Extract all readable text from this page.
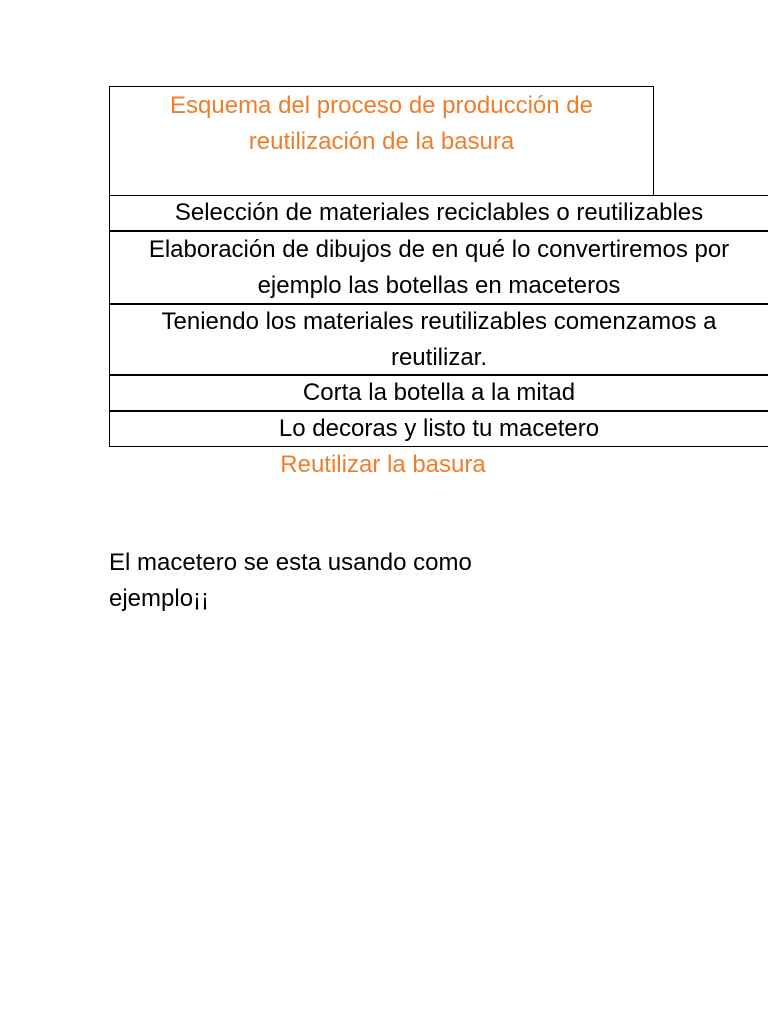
Esquema del proceso de producción de reutilización de la basura
Selección de materiales reciclables o reutilizables
Elaboración de dibujos de en qué lo convertiremos por ejemplo las botellas en maceteros
Teniendo los materiales reutilizables comenzamos a reutilizar.
Corta la botella a la mitad
Lo decoras y listo tu macetero
Reutilizar la basura
El macetero se esta usando como ejemplo¡¡
